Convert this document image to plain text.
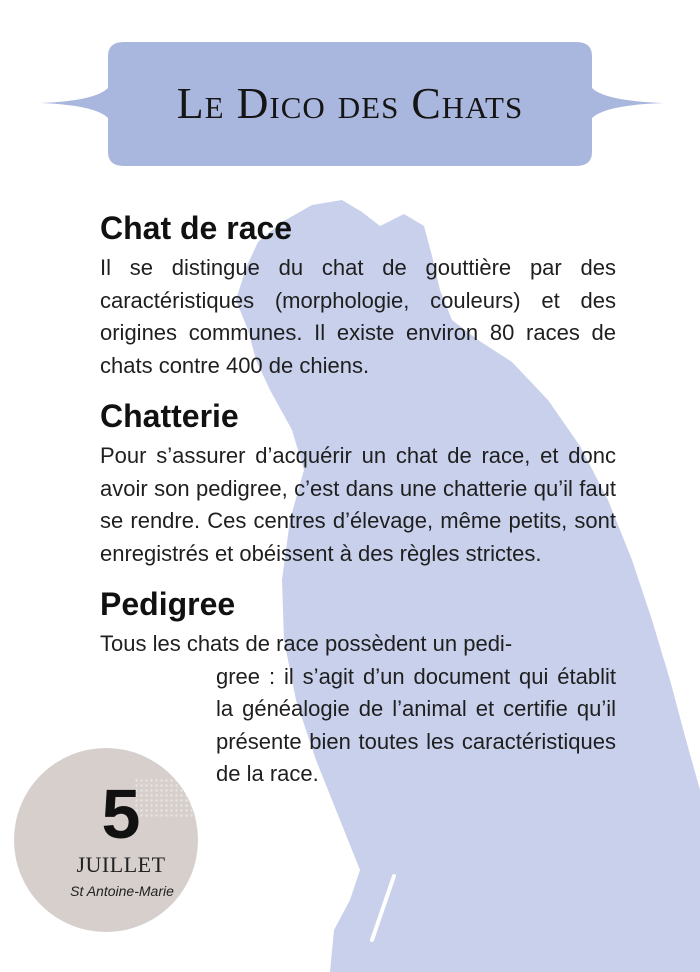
Le Dico des Chats
Chat de race

Il se distingue du chat de gouttière par des caractéristiques (morphologie, couleurs) et des origines communes. Il existe environ 80 races de chats contre 400 de chiens.

Chatterie

Pour s’assurer d’acquérir un chat de race, et donc avoir son pedigree, c’est dans une chatterie qu’il faut se rendre. Ces centres d’élevage, même petits, sont enregistrés et obéissent à des règles strictes.

Pedigree

Tous les chats de race possèdent un pedi-
gree : il s’agit d’un document qui établit la généalogie de l’animal et certifie qu’il présente bien toutes les caractéristiques de la race.

5
JUILLET
St Antoine-Marie
